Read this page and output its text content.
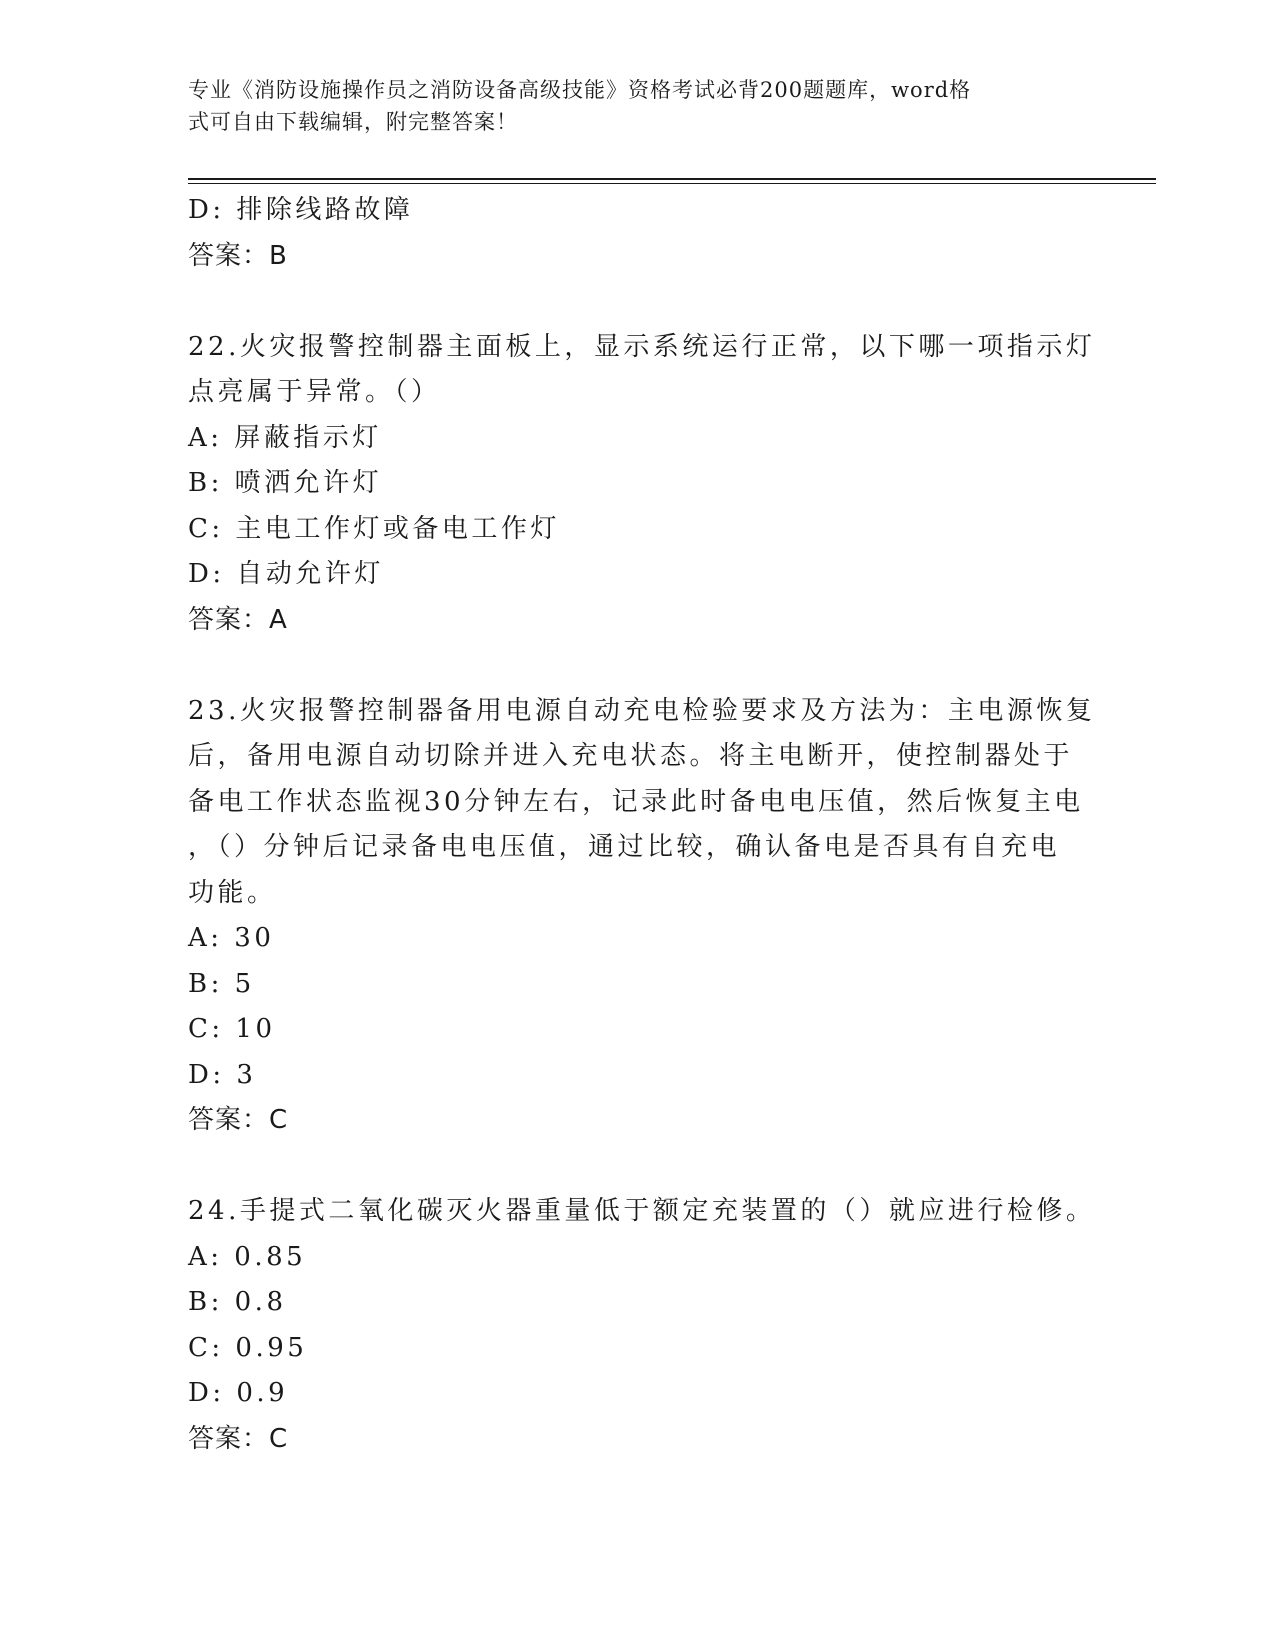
专业《消防设施操作员之消防设备高级技能》资格考试必背200题题库，word格
式可自由下载编辑，附完整答案！
D: 排除线路故障
答案：B
22.火灾报警控制器主面板上，显示系统运行正常，以下哪一项指示灯
点亮属于异常。（）
A: 屏蔽指示灯
B: 喷洒允许灯
C: 主电工作灯或备电工作灯
D: 自动允许灯
答案：A
23.火灾报警控制器备用电源自动充电检验要求及方法为：主电源恢复
后，备用电源自动切除并进入充电状态。将主电断开，使控制器处于
备电工作状态监视30分钟左右，记录此时备电电压值，然后恢复主电
，（）分钟后记录备电电压值，通过比较，确认备电是否具有自充电
功能。
A: 30
B: 5
C: 10
D: 3
答案：C
24.手提式二氧化碳灭火器重量低于额定充装置的（）就应进行检修。
A: 0.85
B: 0.8
C: 0.95
D: 0.9
答案：C
